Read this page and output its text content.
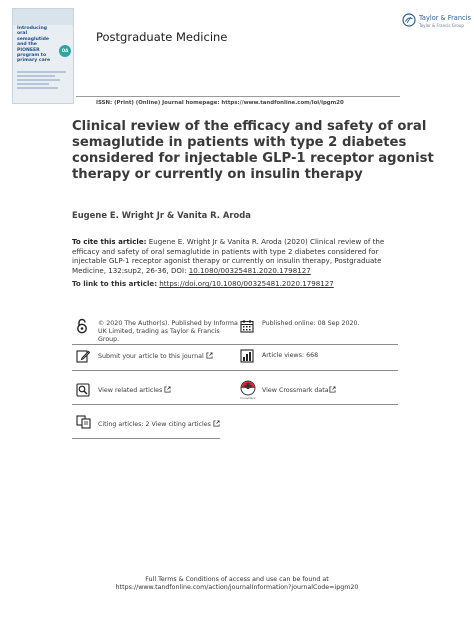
Introducing oral semaglutide and the PIONEER program to primary care
OA
Postgraduate Medicine
Taylor & Francis
Taylor & Francis Group
ISSN: (Print) (Online) Journal homepage: https://www.tandfonline.com/loi/ipgm20
Clinical review of the efficacy and safety of oral semaglutide in patients with type 2 diabetes considered for injectable GLP-1 receptor agonist therapy or currently on insulin therapy
Eugene E. Wright Jr & Vanita R. Aroda
To cite this article: Eugene E. Wright Jr & Vanita R. Aroda (2020) Clinical review of the efficacy and safety of oral semaglutide in patients with type 2 diabetes considered for injectable GLP-1 receptor agonist therapy or currently on insulin therapy, Postgraduate Medicine, 132:sup2, 26-36, DOI: 10.1080/00325481.2020.1798127
To link to this article: https://doi.org/10.1080/00325481.2020.1798127
© 2020 The Author(s). Published by Informa UK Limited, trading as Taylor & Francis Group.
Published online: 08 Sep 2020.
Submit your article to this journal	Article views: 668
View related articles
CrossMark
View Crossmark data
Citing articles: 2 View citing articles
Full Terms & Conditions of access and use can be found at
https://www.tandfonline.com/action/journalInformation?journalCode=ipgm20
